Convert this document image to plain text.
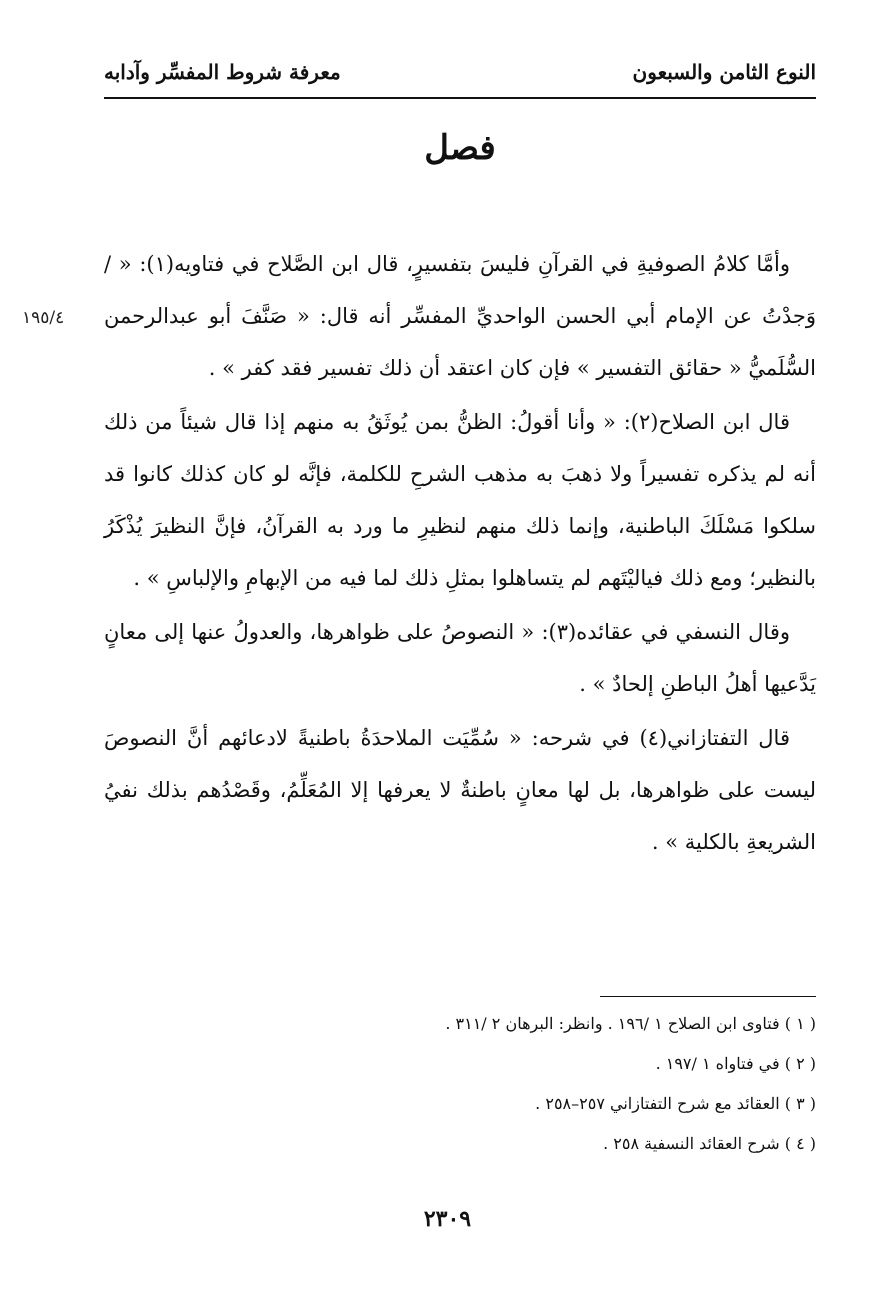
النوع الثامن والسبعون
معرفة شروط المفسِّر وآدابه
فصل
١٩٥/٤

وأمَّا كلامُ الصوفيةِ في القرآنِ فليسَ بتفسيرٍ، قال ابن الصَّلاح في فتاويه(١): « / وَجدْتُ عن الإمام أبي الحسن الواحديِّ المفسِّر أنه قال: « صَنَّفَ أبو عبدالرحمن السُّلَميُّ « حقائق التفسير » فإن كان اعتقد أن ذلك تفسير فقد كفر » .

قال ابن الصلاح(٢): « وأنا أقولُ: الظنُّ بمن يُوثَقُ به منهم إذا قال شيئاً من ذلك أنه لم يذكره تفسيراً ولا ذهبَ به مذهب الشرحِ للكلمة، فإنَّه لو كان كذلك كانوا قد سلكوا مَسْلَكَ الباطنية، وإنما ذلك منهم لنظيرِ ما ورد به القرآنُ، فإنَّ النظيرَ يُذْكَرُ بالنظير؛ ومع ذلك فياليْتَهم لم يتساهلوا بمثلِ ذلك لما فيه من الإبهامِ والإلباسِ » .

وقال النسفي في عقائده(٣): « النصوصُ على ظواهرها، والعدولُ عنها إلى معانٍ يَدَّعيها أهلُ الباطنِ إلحادٌ » .

قال التفتازاني(٤) في شرحه: « سُمِّيَت الملاحدَةُ باطنيةً لادعائهم أنَّ النصوصَ ليست على ظواهرها، بل لها معانٍ باطنةٌ لا يعرفها إلا المُعَلِّمُ، وقَصْدُهم بذلك نفيُ الشريعةِ بالكلية » .

( ١ ) فتاوى ابن الصلاح ١ /١٩٦ . وانظر: البرهان ٢ /٣١١ .
( ٢ ) في فتاواه ١ /١٩٧ .
( ٣ ) العقائد مع شرح التفتازاني ٢٥٧–٢٥٨ .
( ٤ ) شرح العقائد النسفية ٢٥٨ .
٢٣٠٩
